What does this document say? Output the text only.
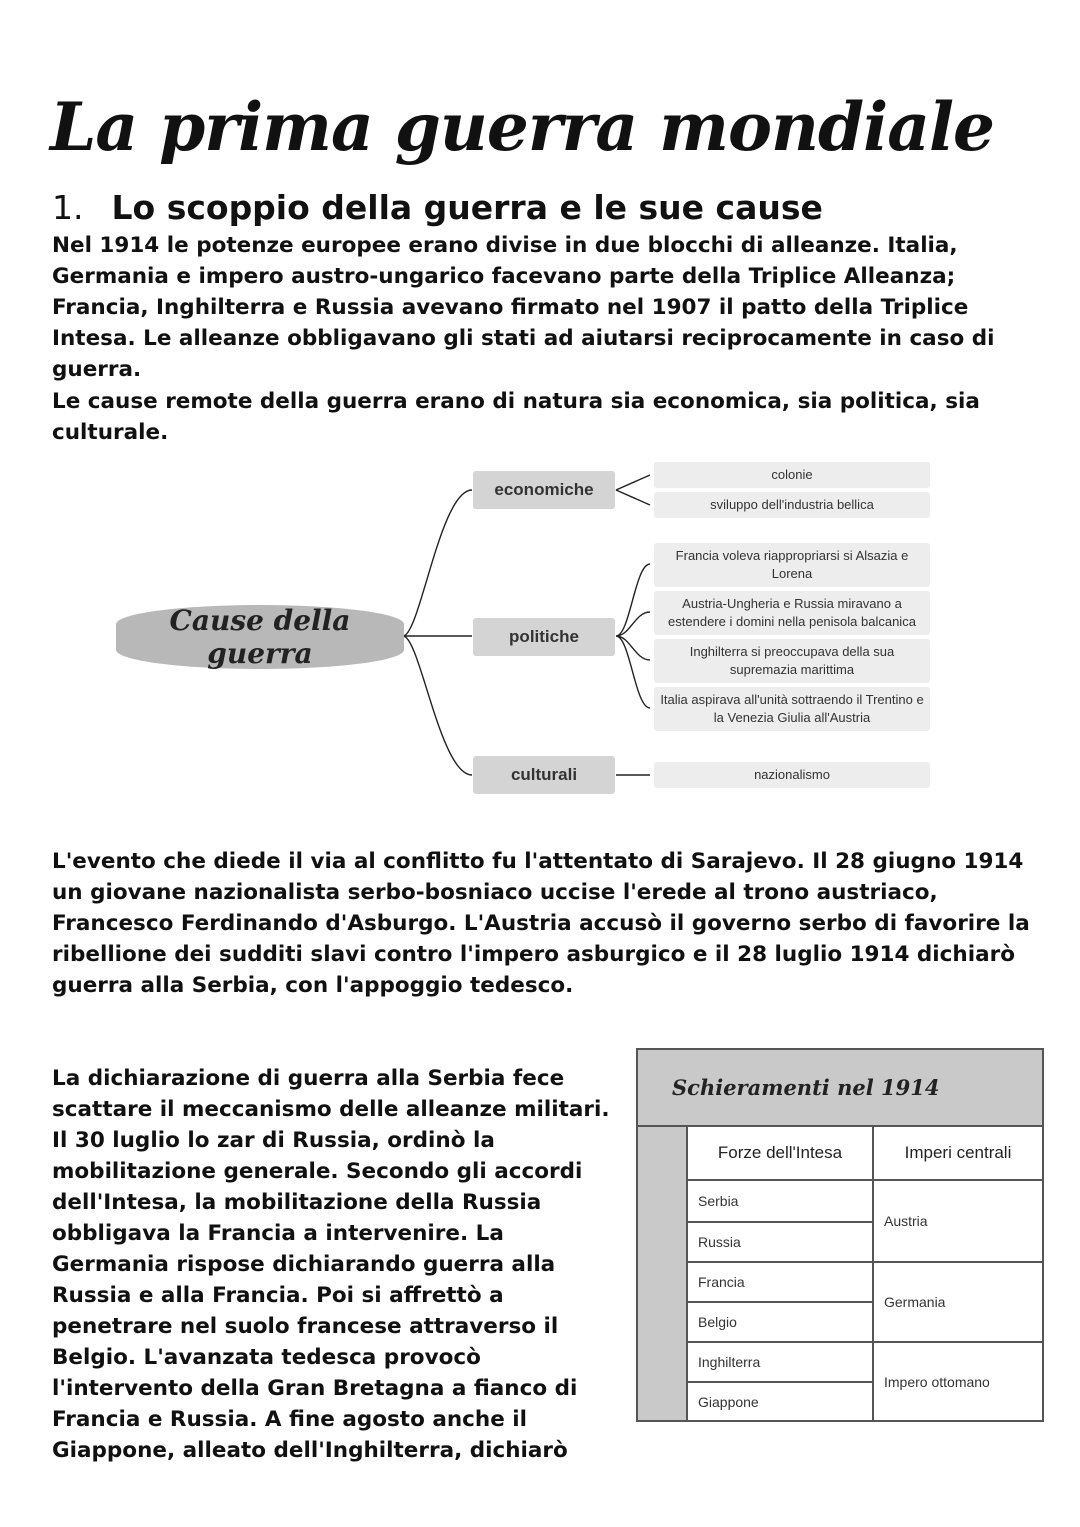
La prima guerra mondiale
1. Lo scoppio della guerra e le sue cause

Nel 1914 le potenze europee erano divise in due blocchi di alleanze. Italia, Germania e impero austro-ungarico facevano parte della Triplice Alleanza; Francia, Inghilterra e Russia avevano firmato nel 1907 il patto della Triplice Intesa. Le alleanze obbligavano gli stati ad aiutarsi reciprocamente in caso di guerra.

Le cause remote della guerra erano di natura sia economica, sia politica, sia culturale.

Cause della guerra
economiche
politiche
culturali
colonie
sviluppo dell'industria bellica
Francia voleva riappropriarsi si Alsazia e Lorena
Austria-Ungheria e Russia miravano a estendere i domini nella penisola balcanica
Inghilterra si preoccupava della sua supremazia marittima
Italia aspirava all'unità sottraendo il Trentino e la Venezia Giulia all'Austria
nazionalismo

L'evento che diede il via al conflitto fu l'attentato di Sarajevo. Il 28 giugno 1914 un giovane nazionalista serbo-bosniaco uccise l'erede al trono austriaco, Francesco Ferdinando d'Asburgo. L'Austria accusò il governo serbo di favorire la ribellione dei sudditi slavi contro l'impero asburgico e il 28 luglio 1914 dichiarò guerra alla Serbia, con l'appoggio tedesco.

La dichiarazione di guerra alla Serbia fece scattare il meccanismo delle alleanze militari. Il 30 luglio lo zar di Russia, ordinò la mobilitazione generale. Secondo gli accordi dell'Intesa, la mobilitazione della Russia obbligava la Francia a intervenire. La Germania rispose dichiarando guerra alla Russia e alla Francia. Poi si affrettò a penetrare nel suolo francese attraverso il Belgio. L'avanzata tedesca provocò l'intervento della Gran Bretagna a fianco di Francia e Russia. A fine agosto anche il Giappone, alleato dell'Inghilterra, dichiarò

Schieramenti nel 1914
Forze dell'Intesa	Imperi centrali
Serbia
Russia
Francia
Belgio
Inghilterra
Giappone
Austria
Germania
Impero ottomano
